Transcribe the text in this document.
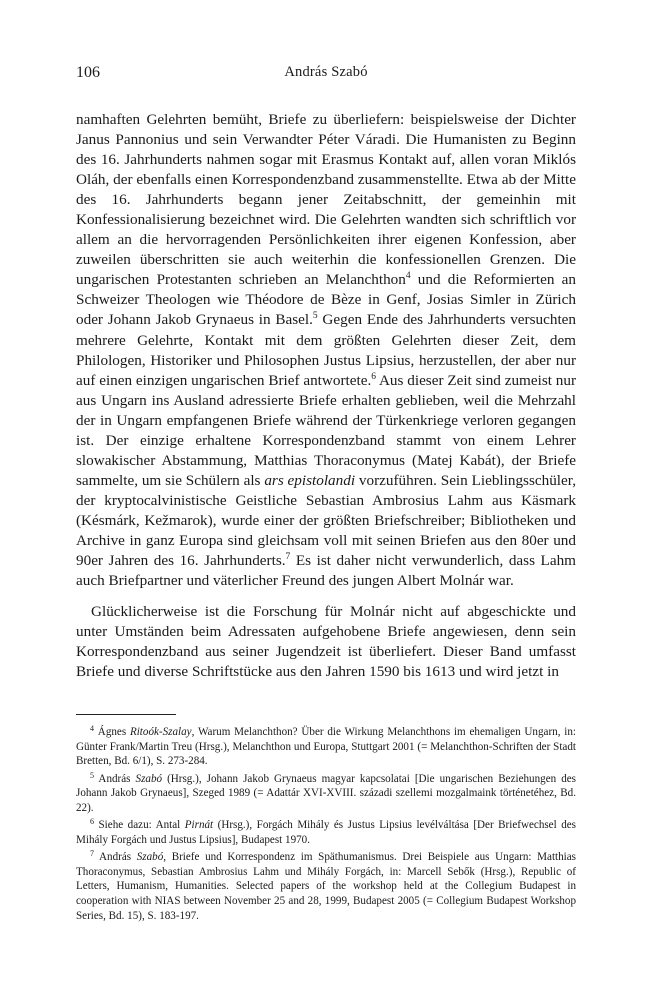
106	András Szabó

namhaften Gelehrten bemüht, Briefe zu überliefern: beispielsweise der Dichter Janus Pannonius und sein Verwandter Péter Váradi. Die Humanisten zu Beginn des 16. Jahrhunderts nahmen sogar mit Erasmus Kontakt auf, allen voran Miklós Oláh, der ebenfalls einen Korrespondenzband zusammenstellte. Etwa ab der Mitte des 16. Jahrhunderts begann jener Zeitabschnitt, der gemeinhin mit Konfessionalisierung bezeichnet wird. Die Gelehrten wandten sich schriftlich vor allem an die hervorragenden Persönlichkeiten ihrer eigenen Konfession, aber zuweilen überschritten sie auch weiterhin die konfessionellen Grenzen. Die ungarischen Protestanten schrieben an Melanchthon$^4$ und die Reformierten an Schweizer Theologen wie Théodore de Bèze in Genf, Josias Simler in Zürich oder Johann Jakob Grynaeus in Basel.$^5$ Gegen Ende des Jahrhunderts versuchten mehrere Gelehrte, Kontakt mit dem größten Gelehrten dieser Zeit, dem Philologen, Historiker und Philosophen Justus Lipsius, herzustellen, der aber nur auf einen einzigen ungarischen Brief antwortete.$^6$ Aus dieser Zeit sind zumeist nur aus Ungarn ins Ausland adressierte Briefe erhalten geblieben, weil die Mehrzahl der in Ungarn empfangenen Briefe während der Türkenkriege verloren gegangen ist. Der einzige erhaltene Korrespondenzband stammt von einem Lehrer slowakischer Abstammung, Matthias Thoraconymus (Matej Kabát), der Briefe sammelte, um sie Schülern als ars epistolandi vorzuführen. Sein Lieblingsschüler, der kryptocalvinistische Geistliche Sebastian Ambrosius Lahm aus Käsmark (Késmárk, Kežmarok), wurde einer der größten Briefschreiber; Bibliotheken und Archive in ganz Europa sind gleichsam voll mit seinen Briefen aus den 80er und 90er Jahren des 16. Jahrhunderts.$^7$ Es ist daher nicht verwunderlich, dass Lahm auch Briefpartner und väterlicher Freund des jungen Albert Molnár war.

Glücklicherweise ist die Forschung für Molnár nicht auf abgeschickte und unter Umständen beim Adressaten aufgehobene Briefe angewiesen, denn sein Korrespondenzband aus seiner Jugendzeit ist überliefert. Dieser Band umfasst Briefe und diverse Schriftstücke aus den Jahren 1590 bis 1613 und wird jetzt in

$^4$ Ágnes Ritoók-Szalay, Warum Melanchthon? Über die Wirkung Melanchthons im ehemaligen Ungarn, in: Günter Frank/Martin Treu (Hrsg.), Melanchthon und Europa, Stuttgart 2001 (= Melanchthon-Schriften der Stadt Bretten, Bd. 6/1), S. 273-284.

$^5$ András Szabó (Hrsg.), Johann Jakob Grynaeus magyar kapcsolatai [Die ungarischen Beziehungen des Johann Jakob Grynaeus], Szeged 1989 (= Adattár XVI-XVIII. századi szellemi mozgalmaink történetéhez, Bd. 22).

$^6$ Siehe dazu: Antal Pirnát (Hrsg.), Forgách Mihály és Justus Lipsius levélváltása [Der Briefwechsel des Mihály Forgách und Justus Lipsius], Budapest 1970.

$^7$ András Szabó, Briefe und Korrespondenz im Späthumanismus. Drei Beispiele aus Ungarn: Matthias Thoraconymus, Sebastian Ambrosius Lahm und Mihály Forgách, in: Marcell Sebők (Hrsg.), Republic of Letters, Humanism, Humanities. Selected papers of the workshop held at the Collegium Budapest in cooperation with NIAS between November 25 and 28, 1999, Budapest 2005 (= Collegium Budapest Workshop Series, Bd. 15), S. 183-197.
